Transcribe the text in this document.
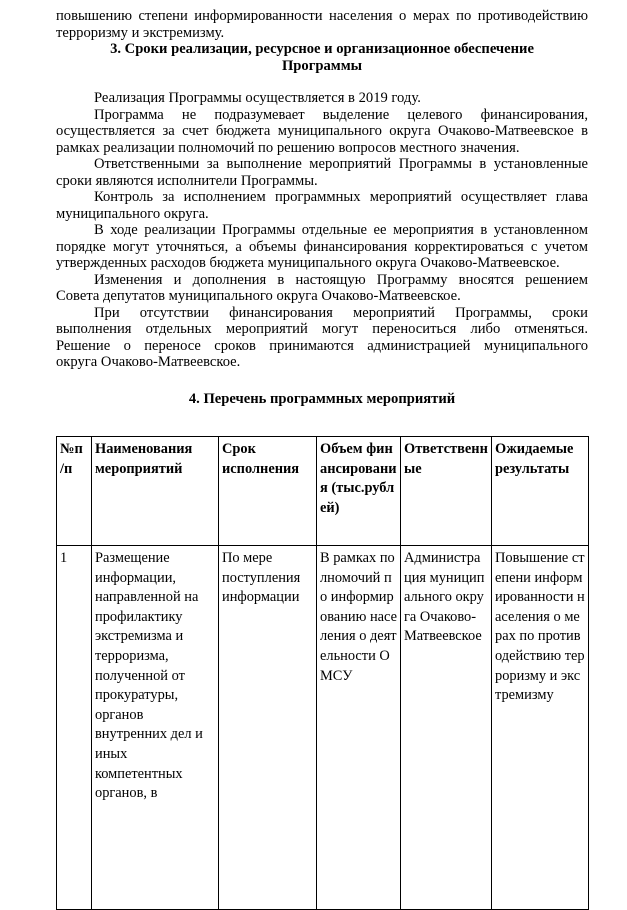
повышению степени информированности населения о мерах по противодействию

терроризму и экстремизму.

3. Сроки реализации, ресурсное и организационное обеспечение

Программы

Реализация Программы осуществляется в 2019 году.

Программа не подразумевает выделение целевого финансирования,

осуществляется за счет бюджета муниципального округа Очаково-Матвеевское в

рамках реализации полномочий по решению вопросов местного значения.

Ответственными за выполнение мероприятий Программы в установленные

сроки являются исполнители Программы.

Контроль за исполнением программных мероприятий осуществляет глава

муниципального округа.

В ходе реализации Программы отдельные ее мероприятия в установленном

порядке могут уточняться, а объемы финансирования корректироваться с учетом

утвержденных расходов бюджета муниципального округа Очаково-Матвеевское.

Изменения и дополнения в настоящую Программу вносятся решением

Совета депутатов муниципального округа Очаково-Матвеевское.

При отсутствии финансирования мероприятий Программы, сроки

выполнения отдельных мероприятий могут переноситься либо отменяться.

Решение о переносе сроков принимаются администрацией муниципального

округа Очаково-Матвеевское.

4. Перечень программных мероприятий

№п /п	Наименования мероприятий	Срок исполнения	Объем финансирования (тыс.рублей)	Ответственные	Ожидаемые результаты
1	Размещение информации, направленной на профилактику экстремизма и терроризма, полученной от прокуратуры, органов внутренних дел и иных компетентных органов, в	По мере поступления информации	В рамках полномочий по информированию населения о деятельности ОМСУ	Администрация муниципального округа Очаково-Матвеевское	Повышение степени информированности населения о мерах по противодействию терроризму и экстремизму
